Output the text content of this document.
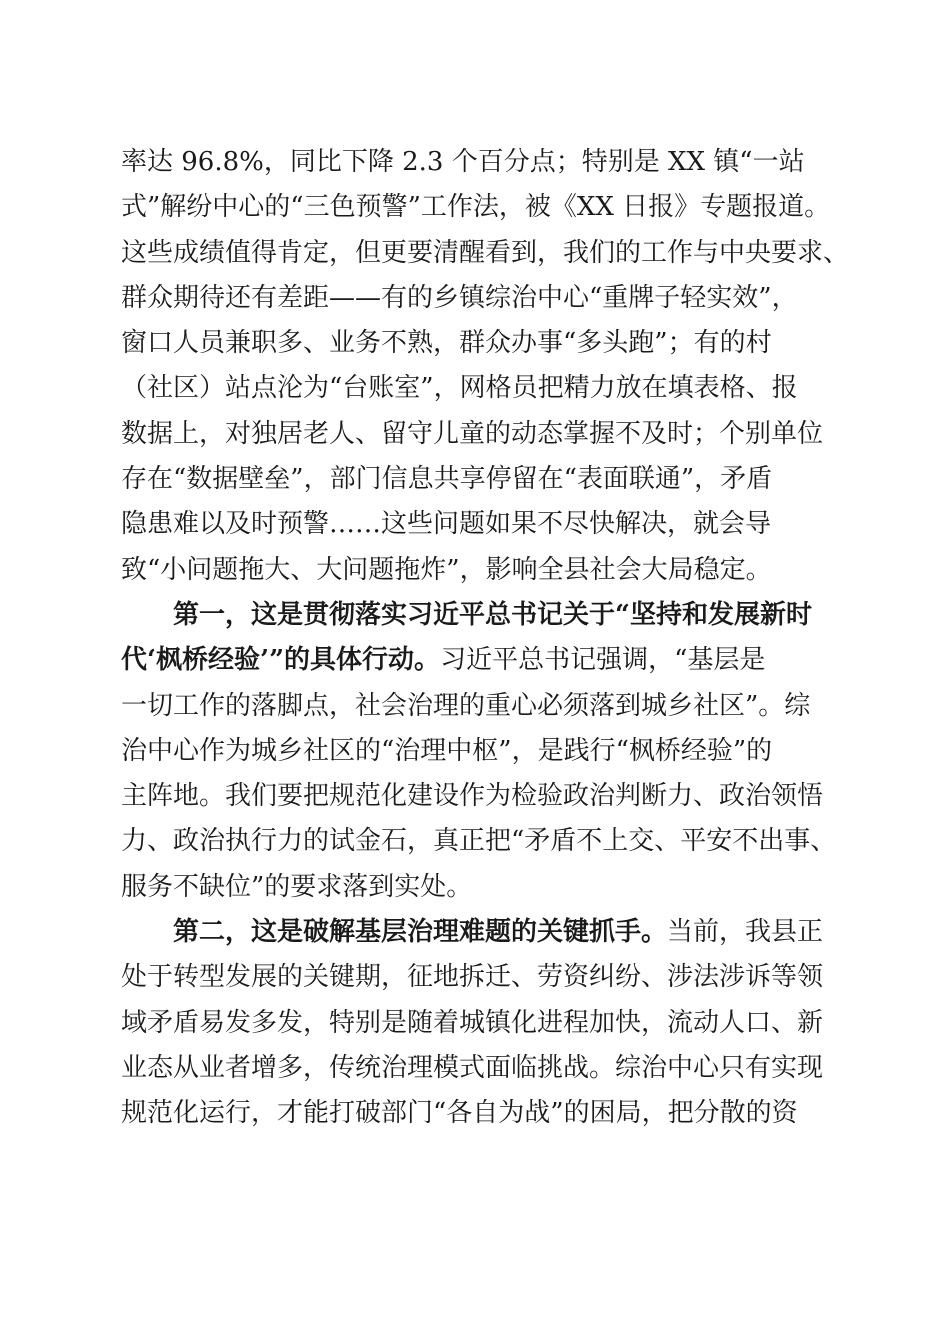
率达 96.8%，同比下降 2.3 个百分点；特别是 XX 镇“一站
式”解纷中心的“三色预警”工作法，被《XX 日报》专题报道。
这些成绩值得肯定，但更要清醒看到，我们的工作与中央要求、
群众期待还有差距——有的乡镇综治中心“重牌子轻实效”，
窗口人员兼职多、业务不熟，群众办事“多头跑”；有的村
（社区）站点沦为“台账室”，网格员把精力放在填表格、报
数据上，对独居老人、留守儿童的动态掌握不及时；个别单位
存在“数据壁垒”，部门信息共享停留在“表面联通”，矛盾
隐患难以及时预警……这些问题如果不尽快解决，就会导
致“小问题拖大、大问题拖炸”，影响全县社会大局稳定。
第一，这是贯彻落实习近平总书记关于“坚持和发展新时
代‘枫桥经验’”的具体行动。习近平总书记强调，“基层是
一切工作的落脚点，社会治理的重心必须落到城乡社区”。综
治中心作为城乡社区的“治理中枢”，是践行“枫桥经验”的
主阵地。我们要把规范化建设作为检验政治判断力、政治领悟
力、政治执行力的试金石，真正把“矛盾不上交、平安不出事、
服务不缺位”的要求落到实处。
第二，这是破解基层治理难题的关键抓手。当前，我县正
处于转型发展的关键期，征地拆迁、劳资纠纷、涉法涉诉等领
域矛盾易发多发，特别是随着城镇化进程加快，流动人口、新
业态从业者增多，传统治理模式面临挑战。综治中心只有实现
规范化运行，才能打破部门“各自为战”的困局，把分散的资
